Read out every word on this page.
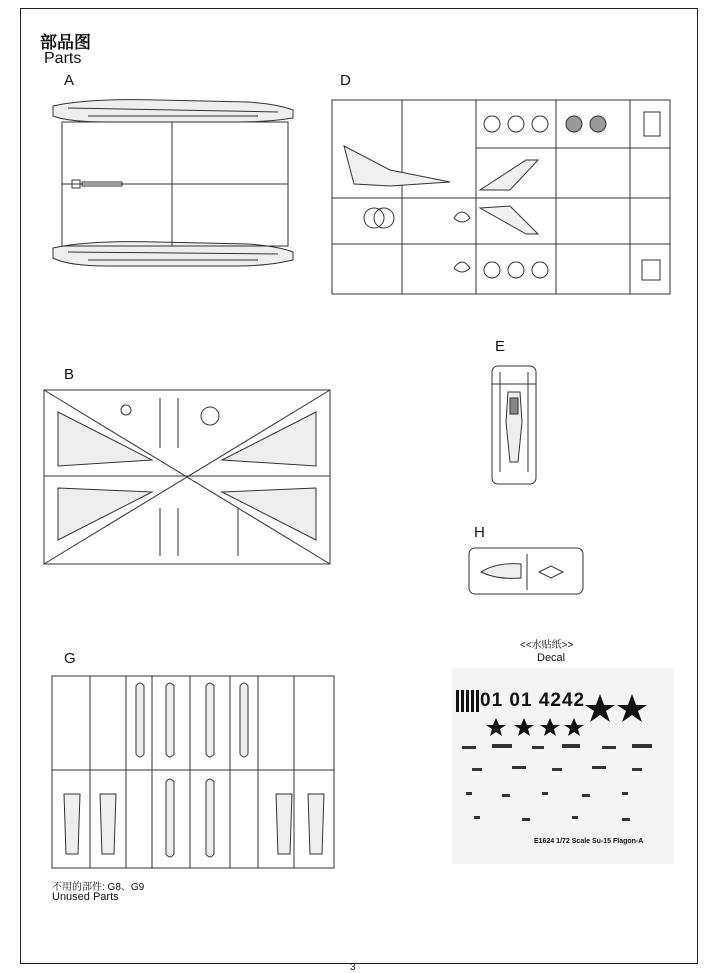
部品图
Parts
A	D
B
E
H
G
<<水贴纸>>
Decal
01 01 4242
E1624 1/72 Scale Su-15 Flagon-A
不用的部件: G8、G9
Unused Parts
3
